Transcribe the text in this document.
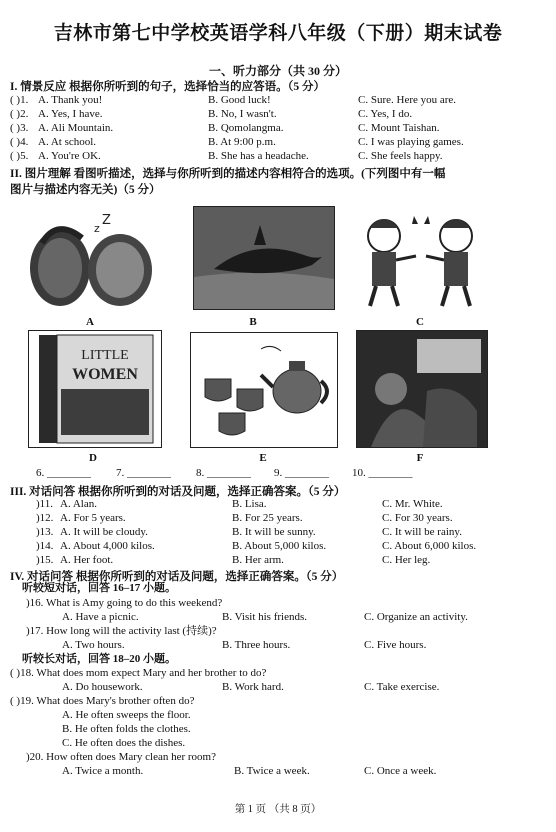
吉林市第七中学校英语学科八年级（下册）期末试卷
一、听力部分（共 30 分）
I. 情景反应 根据你所听到的句子，选择恰当的应答语。（5 分）
( )1. A. Thank you!	B. Good luck!	C. Sure. Here you are.
( )2. A. Yes, I have.	B. No, I wasn't.	C. Yes, I do.
( )3. A. Ali Mountain.	B. Qomolangma.	C. Mount Taishan.
( )4. A. At school.	B. At 9:00 p.m.	C. I was playing games.
( )5. A. You're OK.	B. She has a headache.	C. She feels happy.
II. 图片理解 看图听描述，选择与你所听到的描述内容相符合的选项。(下列图中有一幅
图片与描述内容无关)（5 分）
z
Z
A	B	C
LITTLE
WOMEN
D	E	F
6. ________ 7. ________ 8. ________ 9. ________ 10. ________
III. 对话问答 根据你所听到的对话及问题，选择正确答案。（5 分）
)11. A. Alan.	B. Lisa.	C. Mr. White.
)12. A. For 5 years.	B. For 25 years.	C. For 30 years.
)13. A. It will be cloudy.	B. It will be sunny.	C. It will be rainy.
)14. A. About 4,000 kilos.	B. About 5,000 kilos.	C. About 6,000 kilos.
)15. A. Her foot.	B. Her arm.	C. Her leg.
IV. 对话问答 根据你所听到的对话及问题，选择正确答案。（5 分）
听较短对话，回答 16–17 小题。
)16. What is Amy going to do this weekend?
A. Have a picnic.	B. Visit his friends.	C. Organize an activity.
)17. How long will the activity last (持续)?
A. Two hours.	B. Three hours.	C. Five hours.
听较长对话，回答 18–20 小题。
( )18. What does mom expect Mary and her brother to do?
A. Do housework.	B. Work hard.	C. Take exercise.
( )19. What does Mary's brother often do?
A. He often sweeps the floor.
B. He often folds the clothes.
C. He often does the dishes.
)20. How often does Mary clean her room?
A. Twice a month.	B. Twice a week.	C. Once a week.
第 1 页 （共 8 页）
